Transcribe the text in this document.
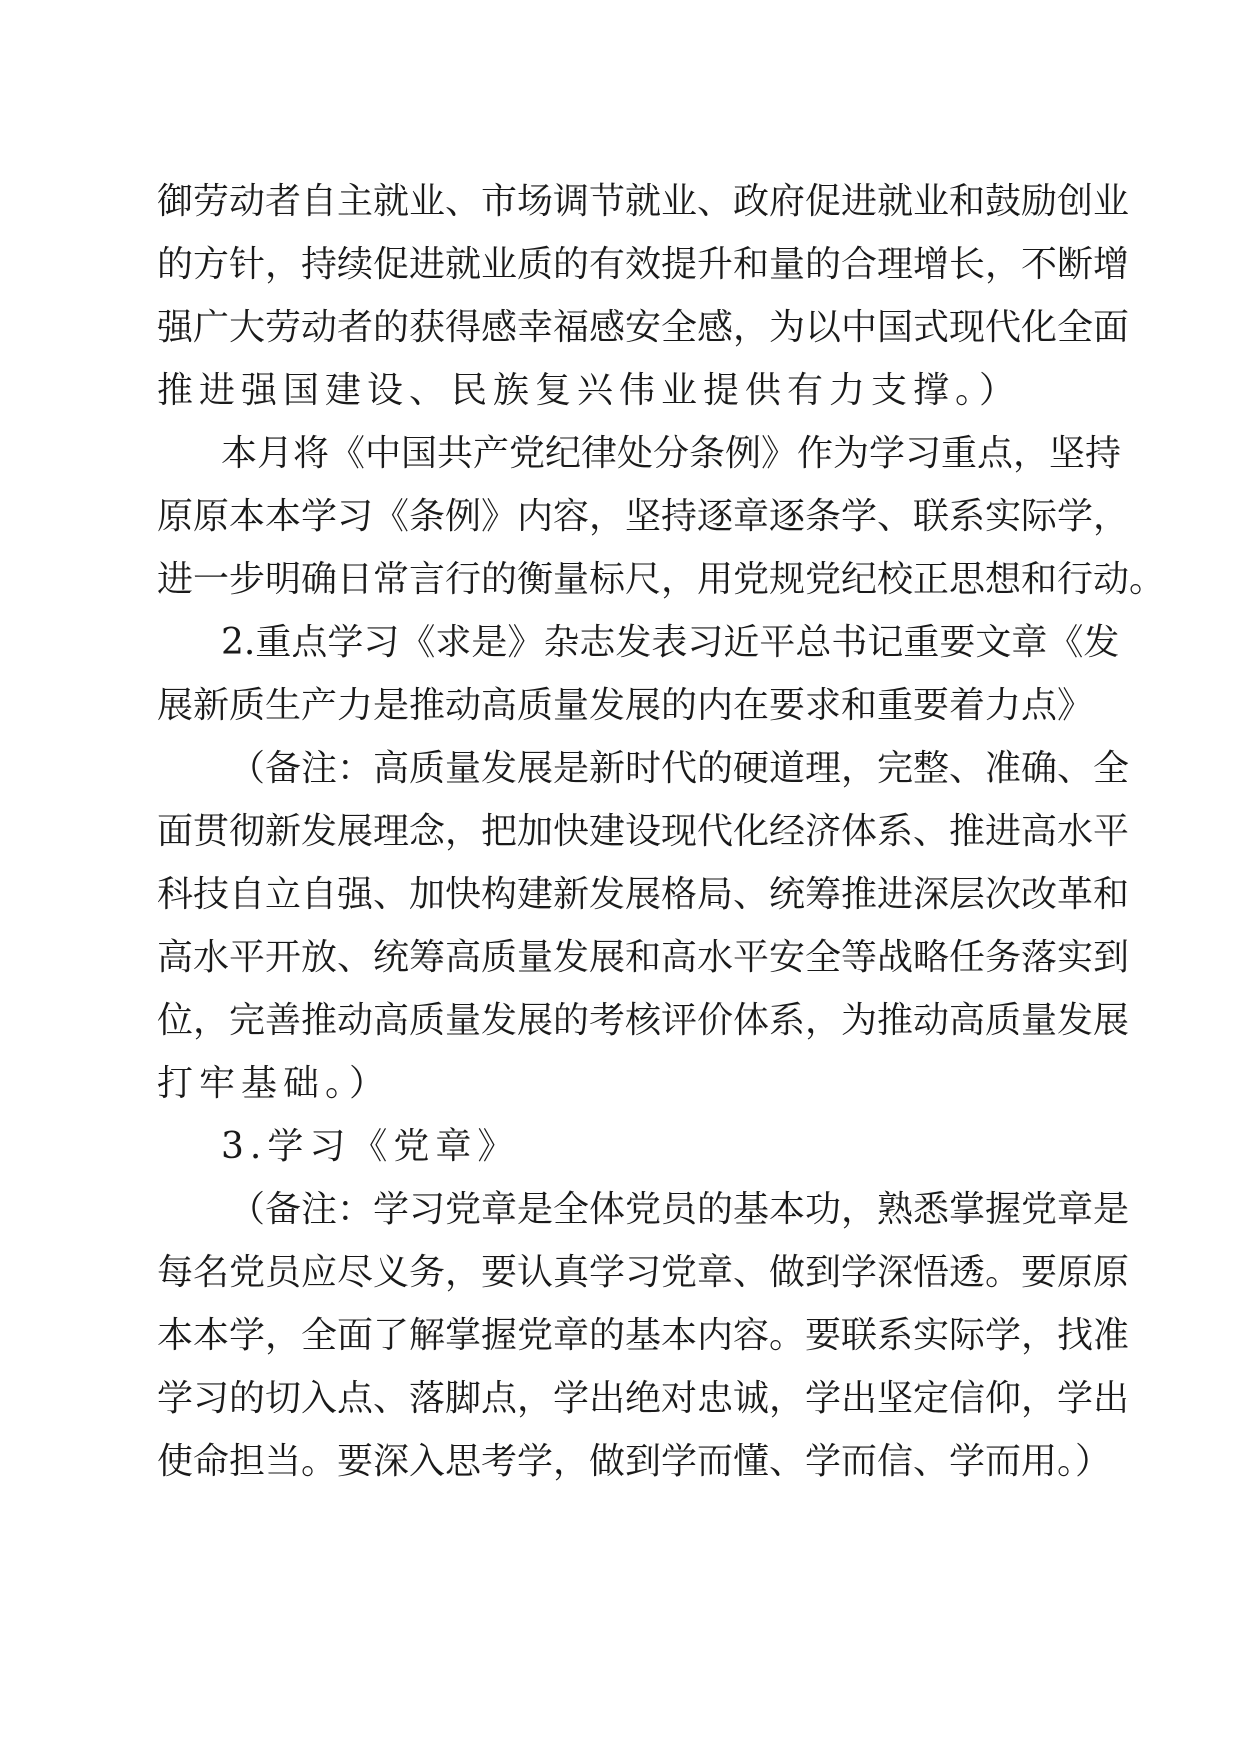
御劳动者自主就业、市场调节就业、政府促进就业和鼓励创业
的方针，持续促进就业质的有效提升和量的合理增长，不断增
强广大劳动者的获得感幸福感安全感，为以中国式现代化全面
推进强国建设、民族复兴伟业提供有力支撑。）
本月将《中国共产党纪律处分条例》作为学习重点，坚持
原原本本学习《条例》内容，坚持逐章逐条学、联系实际学，
进一步明确日常言行的衡量标尺，用党规党纪校正思想和行动。
2.重点学习《求是》杂志发表习近平总书记重要文章《发
展新质生产力是推动高质量发展的内在要求和重要着力点》
（备注：高质量发展是新时代的硬道理，完整、准确、全
面贯彻新发展理念，把加快建设现代化经济体系、推进高水平
科技自立自强、加快构建新发展格局、统筹推进深层次改革和
高水平开放、统筹高质量发展和高水平安全等战略任务落实到
位，完善推动高质量发展的考核评价体系，为推动高质量发展
打牢基础。）
3.学习《党章》
（备注：学习党章是全体党员的基本功，熟悉掌握党章是
每名党员应尽义务，要认真学习党章、做到学深悟透。要原原
本本学，全面了解掌握党章的基本内容。要联系实际学，找准
学习的切入点、落脚点，学出绝对忠诚，学出坚定信仰，学出
使命担当。要深入思考学，做到学而懂、学而信、学而用。）
